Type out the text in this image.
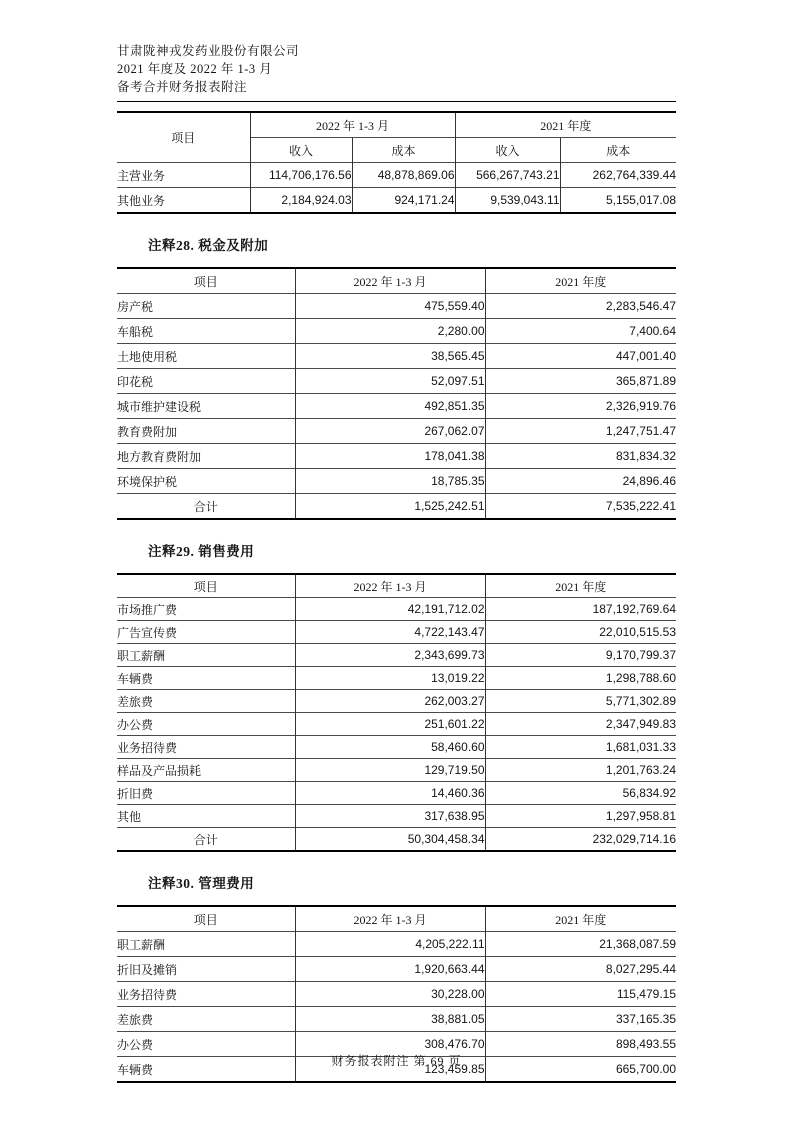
甘肃陇神戎发药业股份有限公司
2021 年度及 2022 年 1-3 月
备考合并财务报表附注
项目	2022 年 1-3 月		2021 年度	
	收入	成本	收入	成本
主营业务	114,706,176.56	48,878,869.06	566,267,743.21	262,764,339.44
其他业务	2,184,924.03	924,171.24	9,539,043.11	5,155,017.08
注释28. 税金及附加
项目	2022 年 1-3 月	2021 年度
房产税	475,559.40	2,283,546.47
车船税	2,280.00	7,400.64
土地使用税	38,565.45	447,001.40
印花税	52,097.51	365,871.89
城市维护建设税	492,851.35	2,326,919.76
教育费附加	267,062.07	1,247,751.47
地方教育费附加	178,041.38	831,834.32
环境保护税	18,785.35	24,896.46
合计	1,525,242.51	7,535,222.41
注释29. 销售费用
项目	2022 年 1-3 月	2021 年度
市场推广费	42,191,712.02	187,192,769.64
广告宣传费	4,722,143.47	22,010,515.53
职工薪酬	2,343,699.73	9,170,799.37
车辆费	13,019.22	1,298,788.60
差旅费	262,003.27	5,771,302.89
办公费	251,601.22	2,347,949.83
业务招待费	58,460.60	1,681,031.33
样品及产品损耗	129,719.50	1,201,763.24
折旧费	14,460.36	56,834.92
其他	317,638.95	1,297,958.81
合计	50,304,458.34	232,029,714.16
注释30. 管理费用
项目	2022 年 1-3 月	2021 年度
职工薪酬	4,205,222.11	21,368,087.59
折旧及摊销	1,920,663.44	8,027,295.44
业务招待费	30,228.00	115,479.15
差旅费	38,881.05	337,165.35
办公费	308,476.70	898,493.55
车辆费	123,459.85	665,700.00
财务报表附注 第 69 页
